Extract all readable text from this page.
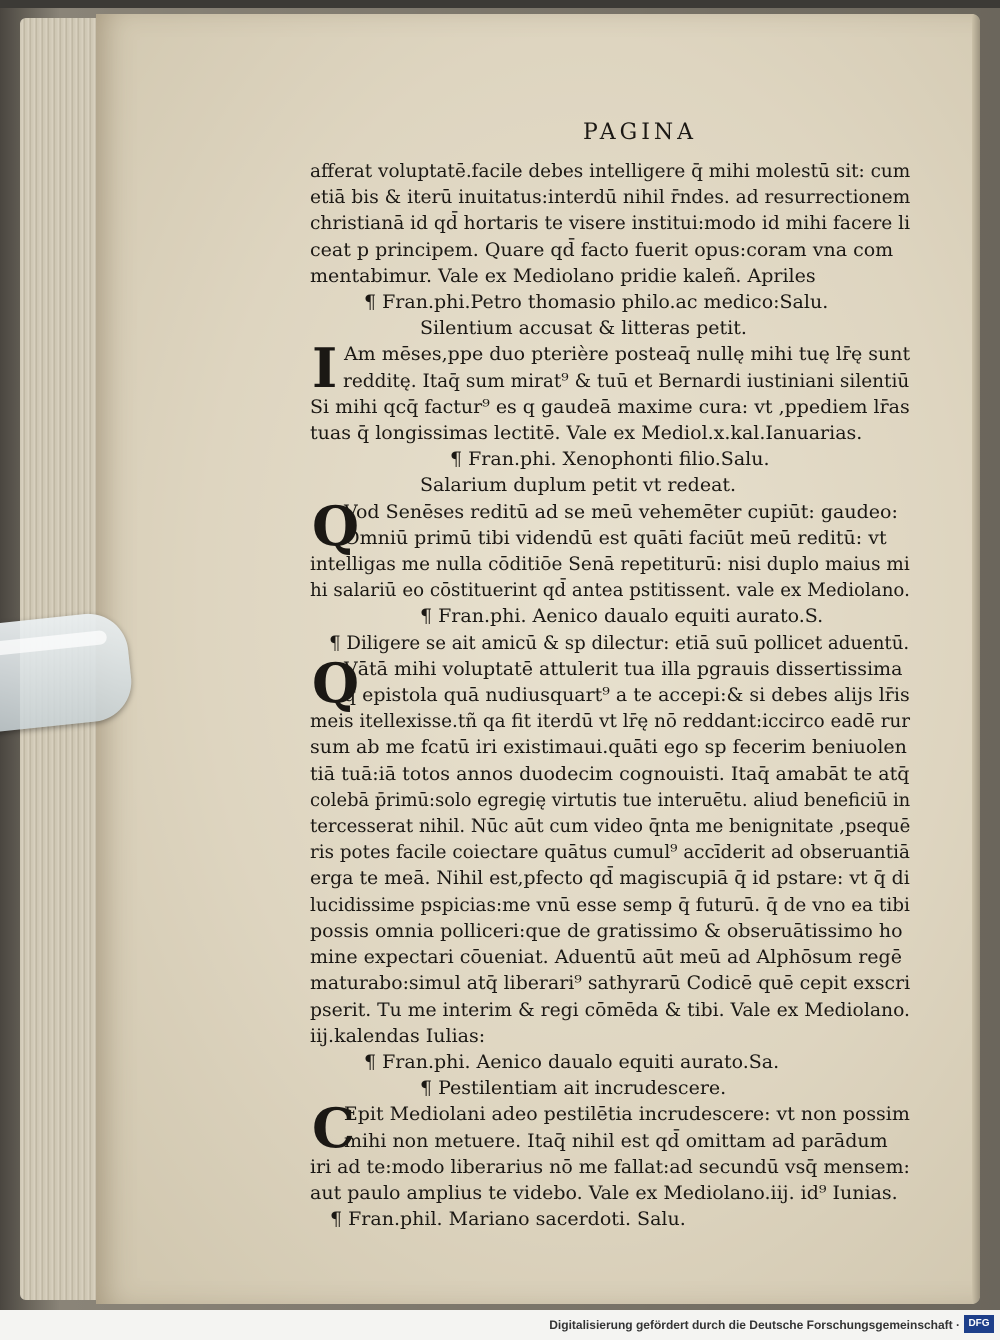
PAGINA
afferat voluptatē.facile debes intelligere q̄ mihi molestū sit: cum
etiā bis & iterū inuitatus:interdū nihil r̄ndes. ad resurrectionem
christianā id qd̄ hortaris te visere institui:modo id mihi facere li
ceat p principem. Quare qd̄ facto fuerit opus:coram vna com
mentabimur. Vale ex Mediolano pridie kaleñ. Apriles
¶ Fran.phi.Petro thomasio philo.ac medico:Salu.
Silentium accusat & litteras petit.
I Am mēses,ppe duo pterière posteaq̄ nullę mihi tuę lr̄ę sunt
redditę. Itaq̄ sum mirat⁹ & tuū et Bernardi iustiniani silentiū
Si mihi qcq̄ factur⁹ es q gaudeā maxime cura: vt ,ppediem lr̄as
tuas q̄ longissimas lectitē. Vale ex Mediol.x.kal.Ianuarias.
¶ Fran.phi. Xenophonti filio.Salu.
Salarium duplum petit vt redeat.
Q
Vod Senēses reditū ad se meū vehemēter cupiūt: gaudeo:
Omniū primū tibi videndū est quāti faciūt meū reditū: vt
intelligas me nulla cōditiōe Senā repetiturū: nisi duplo maius mi
hi salariū eo cōstituerint qd̄ antea pstitissent. vale ex Mediolano.
¶ Fran.phi. Aenico daualo equiti aurato.S.
¶ Diligere se ait amicū & sp dilectur: etiā suū pollicet aduentū.
Q
Vātā mihi voluptatē attulerit tua illa pgrauis dissertissima
q̄ epistola quā nudiusquart⁹ a te accepi:& si debes alijs lr̄is
meis itellexisse.tñ qa fit iterdū vt lr̄ę nō reddant:iccirco eadē rur
sum ab me fcatū iri existimaui.quāti ego sp fecerim beniuolen
tiā tuā:iā totos annos duodecim cognouisti. Itaq̄ amabāt te atq̄
colebā p̄rimū:solo egregię virtutis tue interuētu. aliud beneficiū in
tercesserat nihil. Nūc aūt cum video q̄nta me benignitate ,psequē
ris potes facile coiectare quātus cumul⁹ accīderit ad obseruantiā
erga te meā. Nihil est,pfecto qd̄ magiscupiā q̄ id pstare: vt q̄ di
lucidissime pspicias:me vnū esse semp q̄ futurū. q̄ de vno ea tibi
possis omnia polliceri:que de gratissimo & obseruātissimo ho
mine expectari cōueniat. Aduentū aūt meū ad Alphōsum regē
maturabo:simul atq̄ liberari⁹ sathyrarū Codicē quē cepit exscri
pserit. Tu me interim & regi cōmēda & tibi. Vale ex Mediolano.
iij.kalendas Iulias:
¶ Fran.phi. Aenico daualo equiti aurato.Sa.
¶ Pestilentiam ait incrudescere.
C
Epit Mediolani adeo pestilētia incrudescere: vt non possim
mihi non metuere. Itaq̄ nihil est qd̄ omittam ad parādum
iri ad te:modo liberarius nō me fallat:ad secundū vsq̄ mensem:
aut paulo amplius te videbo. Vale ex Mediolano.iij. id⁹ Iunias.
¶ Fran.phil. Mariano sacerdoti. Salu.
Digitalisierung gefördert durch die Deutsche Forschungsgemeinschaft · DFG
